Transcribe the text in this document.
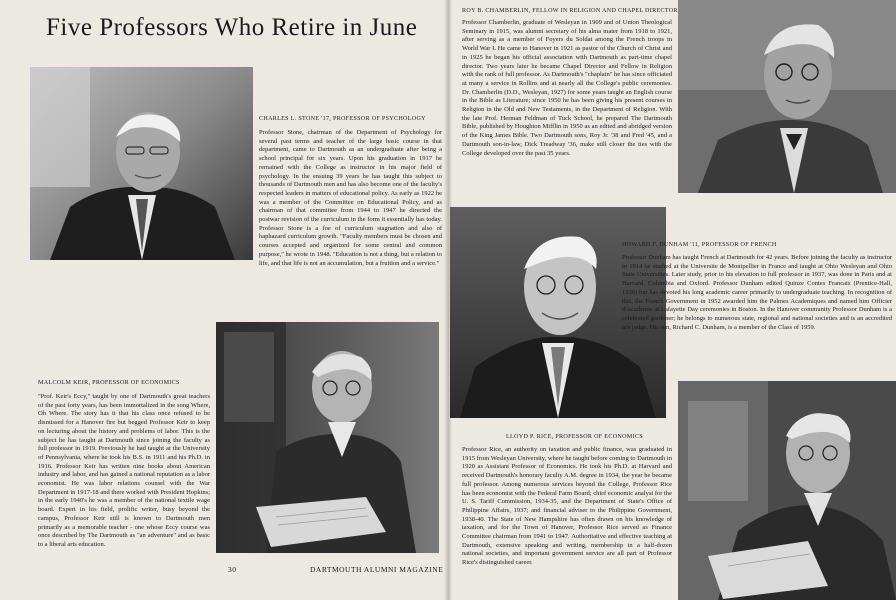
Five Professors Who Retire in June
CHARLES L. STONE '17, PROFESSOR OF PSYCHOLOGY

Professor Stone, chairman of the Department of Psychology for several past terms and teacher of the large basic course in that department, came to Dartmouth as an undergraduate after being a school principal for six years. Upon his graduation in 1917 he remained with the College as instructor in his major field of psychology. In the ensuing 39 years he has taught this subject to thousands of Dartmouth men and has also become one of the faculty's respected leaders in matters of educational policy. As early as 1922 he was a member of the Committee on Educational Policy, and as chairman of that committee from 1944 to 1947 he directed the postwar revision of the curriculum in the form it essentially has today. Professor Stone is a foe of curriculum stagnation and also of haphazard curriculum growth. "Faculty members must be chosen and courses accepted and organized for some central and common purpose," he wrote in 1948. "Education is not a thing, but a relation to life, and that life is not an accumulation, but a fruition and a service."

MALCOLM KEIR, PROFESSOR OF ECONOMICS

"Prof. Keir's Eccy," taught by one of Dartmouth's great teachers of the past forty years, has been immortalized in the song Where, Oh Where. The story has it that his class once refused to be dismissed for a Hanover fire but begged Professor Keir to keep on lecturing about the history and problems of labor. This is the subject he has taught at Dartmouth since joining the faculty as full professor in 1919. Previously he had taught at the University of Pennsylvania, where he took his B.S. in 1911 and his Ph.D. in 1916. Professor Keir has written nine books about American industry and labor, and has gained a national reputation as a labor economist. He was labor relations counsel with the War Department in 1917-18 and there worked with President Hopkins; in the early 1940's he was a member of the national textile wage board. Expert in his field, prolific writer, busy beyond the campus, Professor Keir still is known to Dartmouth men primarily as a memorable teacher - one whose Eccy course was once described by The Dartmouth as "an adventure" and as basic to a liberal arts education.

30
ROY B. CHAMBERLIN, FELLOW IN RELIGION AND CHAPEL DIRECTOR

Professor Chamberlin, graduate of Wesleyan in 1909 and of Union Theological Seminary in 1915, was alumni secretary of his alma mater from 1918 to 1921, after serving as a member of Foyers du Soldat among the French troops in World War I. He came to Hanover in 1921 as pastor of the Church of Christ and in 1925 he began his official association with Dartmouth as part-time chapel director. Two years later he became Chapel Director and Fellow in Religion with the rank of full professor. As Dartmouth's "chaplain" he has since officiated at many a service in Rollins and at nearly all the College's public ceremonies. Dr. Chamberlin (D.D., Wesleyan, 1927) for some years taught an English course in the Bible as Literature; since 1950 he has been giving his present courses in Religion in the Old and New Testaments, in the Department of Religion. With the late Prof. Herman Feldman of Tuck School, he prepared The Dartmouth Bible, published by Houghton Mifflin in 1950 as an edited and abridged version of the King James Bible. Two Dartmouth sons, Roy Jr. '38 and Fred '45, and a Dartmouth son-in-law, Dick Treadway '36, make still closer the ties with the College developed over the past 35 years.

HOWARD F. DUNHAM '11, PROFESSOR OF FRENCH

Professor Dunham has taught French at Dartmouth for 42 years. Before joining the faculty as instructor in 1914 he studied at the Universite de Montpellier in France and taught at Ohio Wesleyan and Ohio State Universities. Later study, prior to his elevation to full professor in 1937, was done in Paris and at Harvard, Columbia and Oxford. Professor Dunham edited Quinze Contes Francais (Prentice-Hall, 1930) but has devoted his long academic career primarily to undergraduate teaching. In recognition of this, the French Government in 1952 awarded him the Palmes Academiques and named him Officier d'Academie at Lafayette Day ceremonies in Boston. In the Hanover community Professor Dunham is a celebrated gardener; he belongs to numerous state, regional and national societies and is an accredited iris judge. His son, Richard C. Dunham, is a member of the Class of 1959.

LLOYD P. RICE, PROFESSOR OF ECONOMICS

Professor Rice, an authority on taxation and public finance, was graduated in 1915 from Wesleyan University, where he taught before coming to Dartmouth in 1920 as Assistant Professor of Economics. He took his Ph.D. at Harvard and received Dartmouth's honorary faculty A.M. degree in 1934, the year he became full professor. Among numerous services beyond the College, Professor Rice has been economist with the Federal Farm Board; chief economic analyst for the U. S. Tariff Commission, 1934-35, and the Department of State's Office of Philippine Affairs, 1937; and financial adviser to the Philippine Government, 1938-40. The State of New Hampshire has often drawn on his knowledge of taxation, and for the Town of Hanover, Professor Rice served as Finance Committee chairman from 1941 to 1947. Authoritative and effective teaching at Dartmouth, extensive speaking and writing, membership in a half-dozen national societies, and important government service are all part of Professor Rice's distinguished career.

DARTMOUTH ALUMNI MAGAZINE
